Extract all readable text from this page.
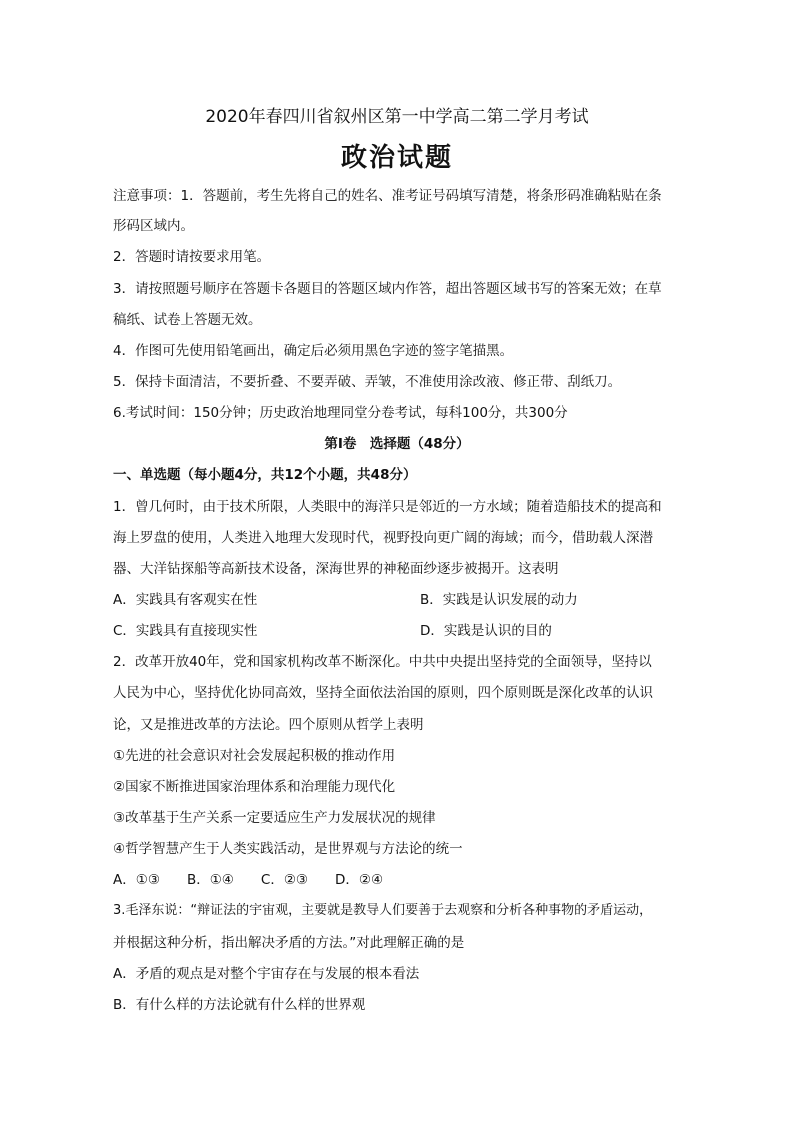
2020年春四川省叙州区第一中学高二第二学月考试
政治试题
注意事项：1．答题前，考生先将自己的姓名、准考证号码填写清楚，将条形码准确粘贴在条
形码区域内。
2．答题时请按要求用笔。
3．请按照题号顺序在答题卡各题目的答题区域内作答，超出答题区域书写的答案无效；在草
稿纸、试卷上答题无效。
4．作图可先使用铅笔画出，确定后必须用黑色字迹的签字笔描黑。
5．保持卡面清洁，不要折叠、不要弄破、弄皱，不准使用涂改液、修正带、刮纸刀。
6.考试时间：150分钟；历史政治地理同堂分卷考试，每科100分，共300分
第Ⅰ卷　选择题（48分）
一、单选题（每小题4分，共12个小题，共48分）
1．曾几何时，由于技术所限，人类眼中的海洋只是邻近的一方水域；随着造船技术的提高和
海上罗盘的使用，人类进入地理大发现时代，视野投向更广阔的海域；而今，借助载人深潜
器、大洋钻探船等高新技术设备，深海世界的神秘面纱逐步被揭开。这表明
A．实践具有客观实在性	B．实践是认识发展的动力
C．实践具有直接现实性	D．实践是认识的目的
2．改革开放40年，党和国家机构改革不断深化。中共中央提出坚持党的全面领导，坚持以
人民为中心，坚持优化协同高效，坚持全面依法治国的原则，四个原则既是深化改革的认识
论，又是推进改革的方法论。四个原则从哲学上表明
①先进的社会意识对社会发展起积极的推动作用
②国家不断推进国家治理体系和治理能力现代化
③改革基于生产关系一定要适应生产力发展状况的规律
④哲学智慧产生于人类实践活动，是世界观与方法论的统一
A．①③　　B．①④　　C．②③　　D．②④
3.毛泽东说：“辩证法的宇宙观，主要就是教导人们要善于去观察和分析各种事物的矛盾运动，
并根据这种分析，指出解决矛盾的方法。”对此理解正确的是
A．矛盾的观点是对整个宇宙存在与发展的根本看法
B．有什么样的方法论就有什么样的世界观
